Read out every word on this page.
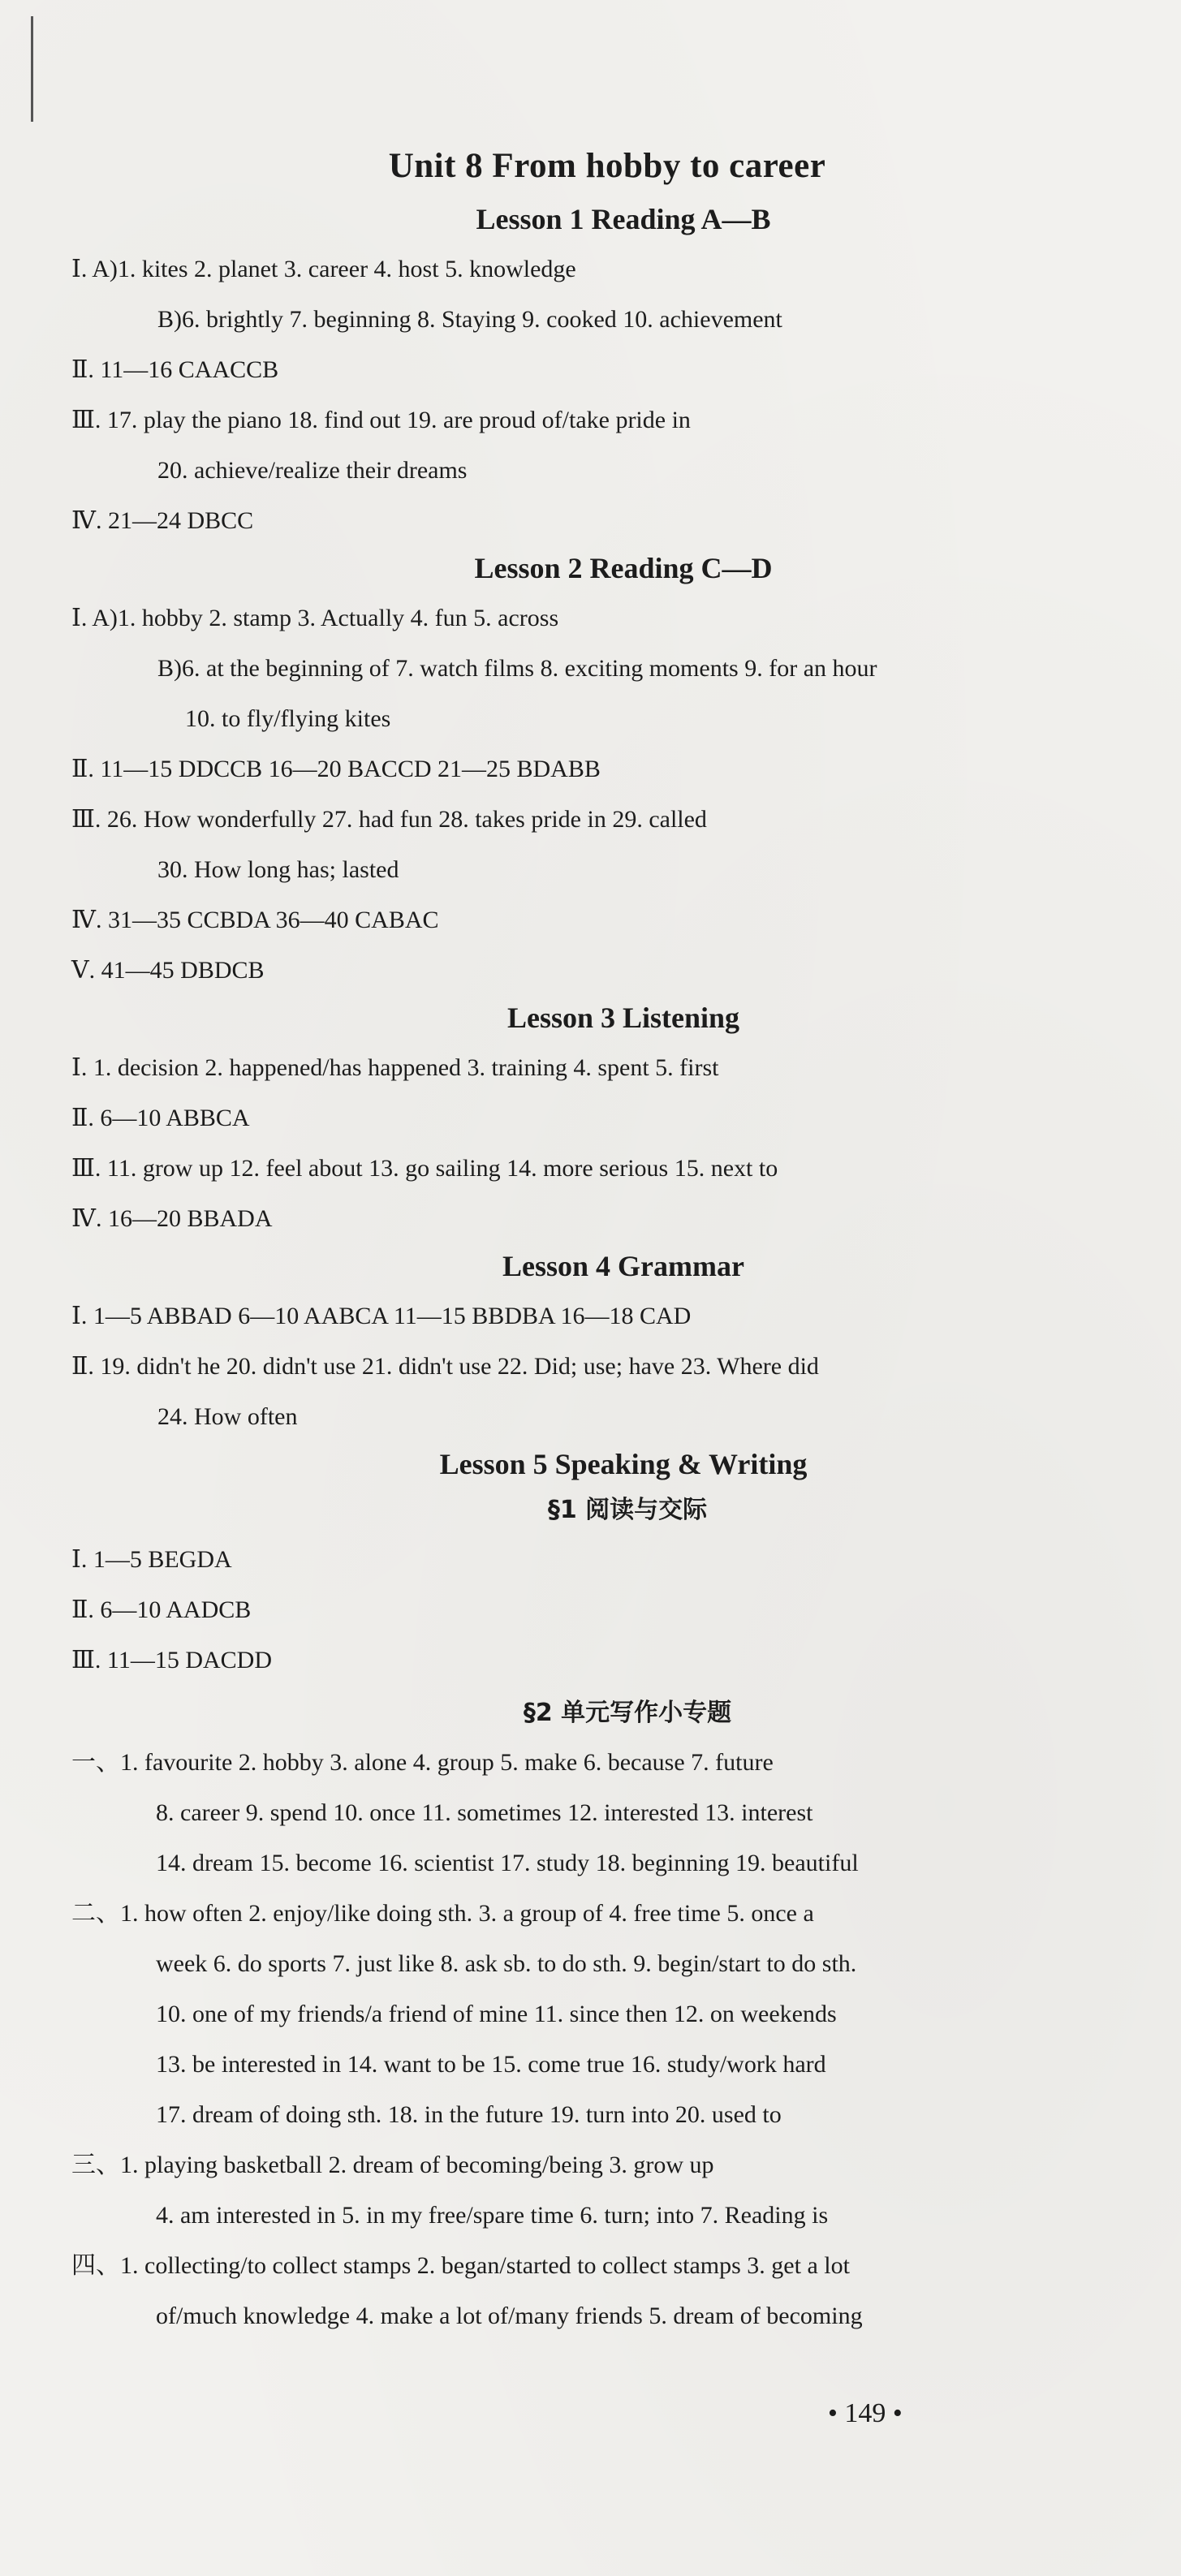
Unit 8 From hobby to career
Lesson 1 Reading A—B
Ⅰ. A)1. kites 2. planet 3. career 4. host 5. knowledge
B)6. brightly 7. beginning 8. Staying 9. cooked 10. achievement
Ⅱ. 11—16 CAACCB
Ⅲ. 17. play the piano 18. find out 19. are proud of/take pride in
20. achieve/realize their dreams
Ⅳ. 21—24 DBCC
Lesson 2 Reading C—D
Ⅰ. A)1. hobby 2. stamp 3. Actually 4. fun 5. across
B)6. at the beginning of 7. watch films 8. exciting moments 9. for an hour
10. to fly/flying kites
Ⅱ. 11—15 DDCCB 16—20 BACCD 21—25 BDABB
Ⅲ. 26. How wonderfully 27. had fun 28. takes pride in 29. called
30. How long has; lasted
Ⅳ. 31—35 CCBDA 36—40 CABAC
Ⅴ. 41—45 DBDCB
Lesson 3 Listening
Ⅰ. 1. decision 2. happened/has happened 3. training 4. spent 5. first
Ⅱ. 6—10 ABBCA
Ⅲ. 11. grow up 12. feel about 13. go sailing 14. more serious 15. next to
Ⅳ. 16—20 BBADA
Lesson 4 Grammar
Ⅰ. 1—5 ABBAD 6—10 AABCA 11—15 BBDBA 16—18 CAD
Ⅱ. 19. didn't he 20. didn't use 21. didn't use 22. Did; use; have 23. Where did
24. How often
Lesson 5 Speaking & Writing
§1 阅读与交际
Ⅰ. 1—5 BEGDA
Ⅱ. 6—10 AADCB
Ⅲ. 11—15 DACDD
§2 单元写作小专题
一、1. favourite 2. hobby 3. alone 4. group 5. make 6. because 7. future
8. career 9. spend 10. once 11. sometimes 12. interested 13. interest
14. dream 15. become 16. scientist 17. study 18. beginning 19. beautiful
二、1. how often 2. enjoy/like doing sth. 3. a group of 4. free time 5. once a
week 6. do sports 7. just like 8. ask sb. to do sth. 9. begin/start to do sth.
10. one of my friends/a friend of mine 11. since then 12. on weekends
13. be interested in 14. want to be 15. come true 16. study/work hard
17. dream of doing sth. 18. in the future 19. turn into 20. used to
三、1. playing basketball 2. dream of becoming/being 3. grow up
4. am interested in 5. in my free/spare time 6. turn; into 7. Reading is
四、1. collecting/to collect stamps 2. began/started to collect stamps 3. get a lot
of/much knowledge 4. make a lot of/many friends 5. dream of becoming
• 149 •
